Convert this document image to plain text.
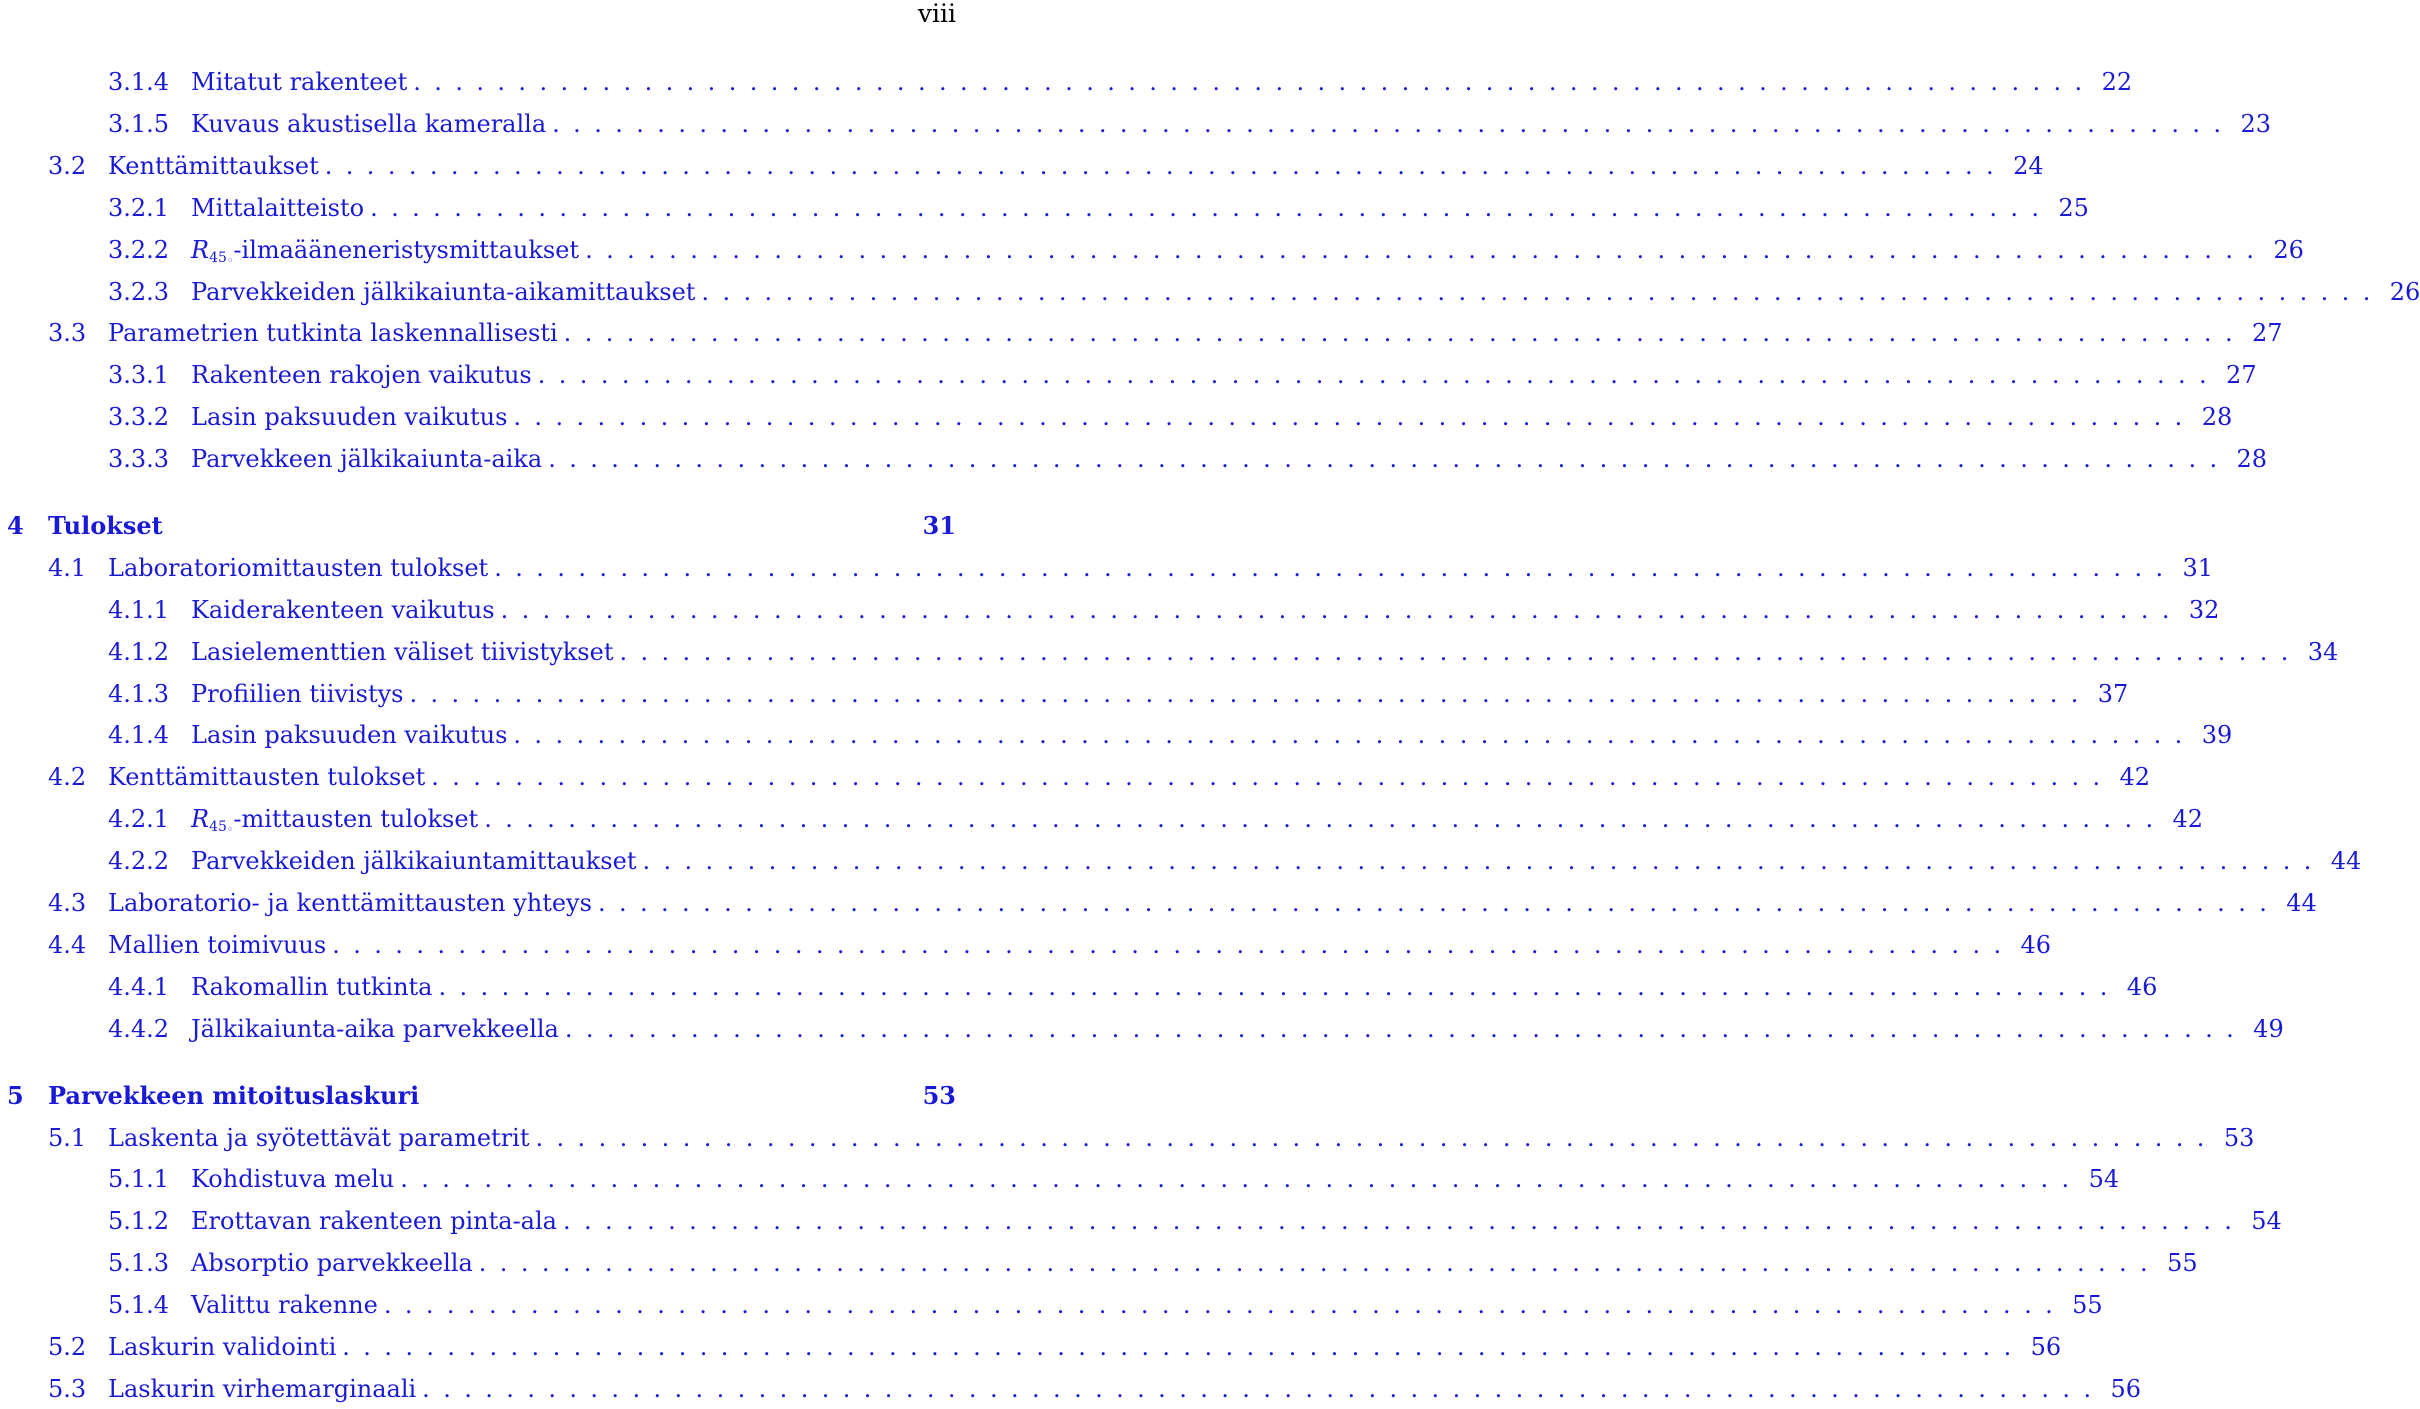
viii
3.1.4 Mitatut rakenteet ................................................................................ 22
3.1.5 Kuvaus akustisella kameralla ................................................................................ 23
3.2 Kenttämittaukset ................................................................................ 24
3.2.1 Mittalaitteisto ................................................................................ 25
3.2.2 $R_{45◦}$-ilmaääneneristysmittaukset ................................................................................ 26
3.2.3 Parvekkeiden jälkikaiunta-aikamittaukset ................................................................................ 26
3.3 Parametrien tutkinta laskennallisesti ................................................................................ 27
3.3.1 Rakenteen rakojen vaikutus ................................................................................ 27
3.3.2 Lasin paksuuden vaikutus ................................................................................ 28
3.3.3 Parvekkeen jälkikaiunta-aika ................................................................................ 28
4	Tulokset	31
4.1 Laboratoriomittausten tulokset ................................................................................ 31
4.1.1 Kaiderakenteen vaikutus ................................................................................ 32
4.1.2 Lasielementtien väliset tiivistykset ................................................................................ 34
4.1.3 Profiilien tiivistys ................................................................................ 37
4.1.4 Lasin paksuuden vaikutus ................................................................................ 39
4.2 Kenttämittausten tulokset ................................................................................ 42
4.2.1 $R_{45◦}$-mittausten tulokset ................................................................................ 42
4.2.2 Parvekkeiden jälkikaiuntamittaukset ................................................................................ 44
4.3 Laboratorio- ja kenttämittausten yhteys ................................................................................ 44
4.4 Mallien toimivuus ................................................................................ 46
4.4.1 Rakomallin tutkinta ................................................................................ 46
4.4.2 Jälkikaiunta-aika parvekkeella ................................................................................ 49
5	Parvekkeen mitoituslaskuri	53
5.1 Laskenta ja syötettävät parametrit ................................................................................ 53
5.1.1 Kohdistuva melu ................................................................................ 54
5.1.2 Erottavan rakenteen pinta-ala ................................................................................ 54
5.1.3 Absorptio parvekkeella ................................................................................ 55
5.1.4 Valittu rakenne ................................................................................ 55
5.2 Laskurin validointi ................................................................................ 56
5.3 Laskurin virhemarginaali ................................................................................ 56
